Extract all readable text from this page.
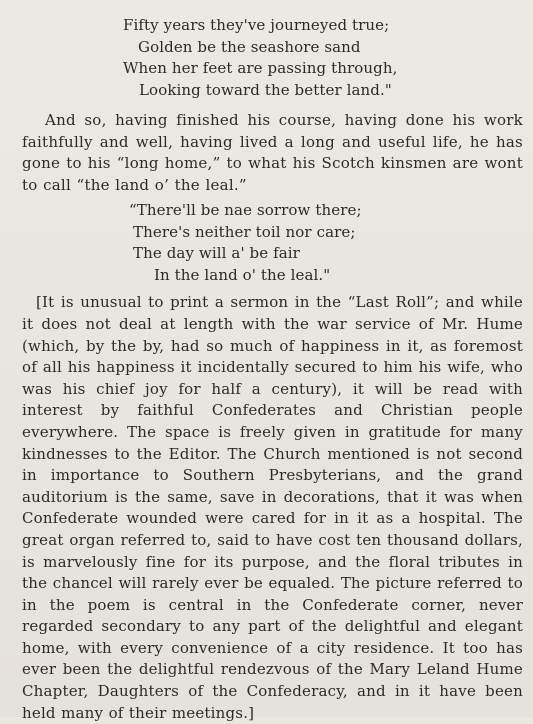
Fifty years they've journeyed true;
Golden be the seashore sand
When her feet are passing through,
Looking toward the better land."

And so, having finished his course, having done his work faithfully and well, having lived a long and useful life, he has gone to his “long home,” to what his Scotch kinsmen are wont to call “the land o’ the leal.”

“There'll be nae sorrow there;
There's neither toil nor care;
The day will a' be fair
In the land o' the leal."

[It is unusual to print a sermon in the “Last Roll”; and while it does not deal at length with the war service of Mr. Hume (which, by the by, had so much of happiness in it, as foremost of all his happiness it incidentally secured to him his wife, who was his chief joy for half a century), it will be read with interest by faithful Confederates and Christian people everywhere. The space is freely given in gratitude for many kindnesses to the Editor. The Church mentioned is not second in importance to Southern Presbyterians, and the grand auditorium is the same, save in decorations, that it was when Confederate wounded were cared for in it as a hospital. The great organ referred to, said to have cost ten thousand dollars, is marvelously fine for its purpose, and the floral tributes in the chancel will rarely ever be equaled. The picture referred to in the poem is central in the Confederate corner, never regarded secondary to any part of the delightful and elegant home, with every convenience of a city residence. It too has ever been the delightful rendezvous of the Mary Leland Hume Chapter, Daughters of the Confederacy, and in it have been held many of their meetings.]
